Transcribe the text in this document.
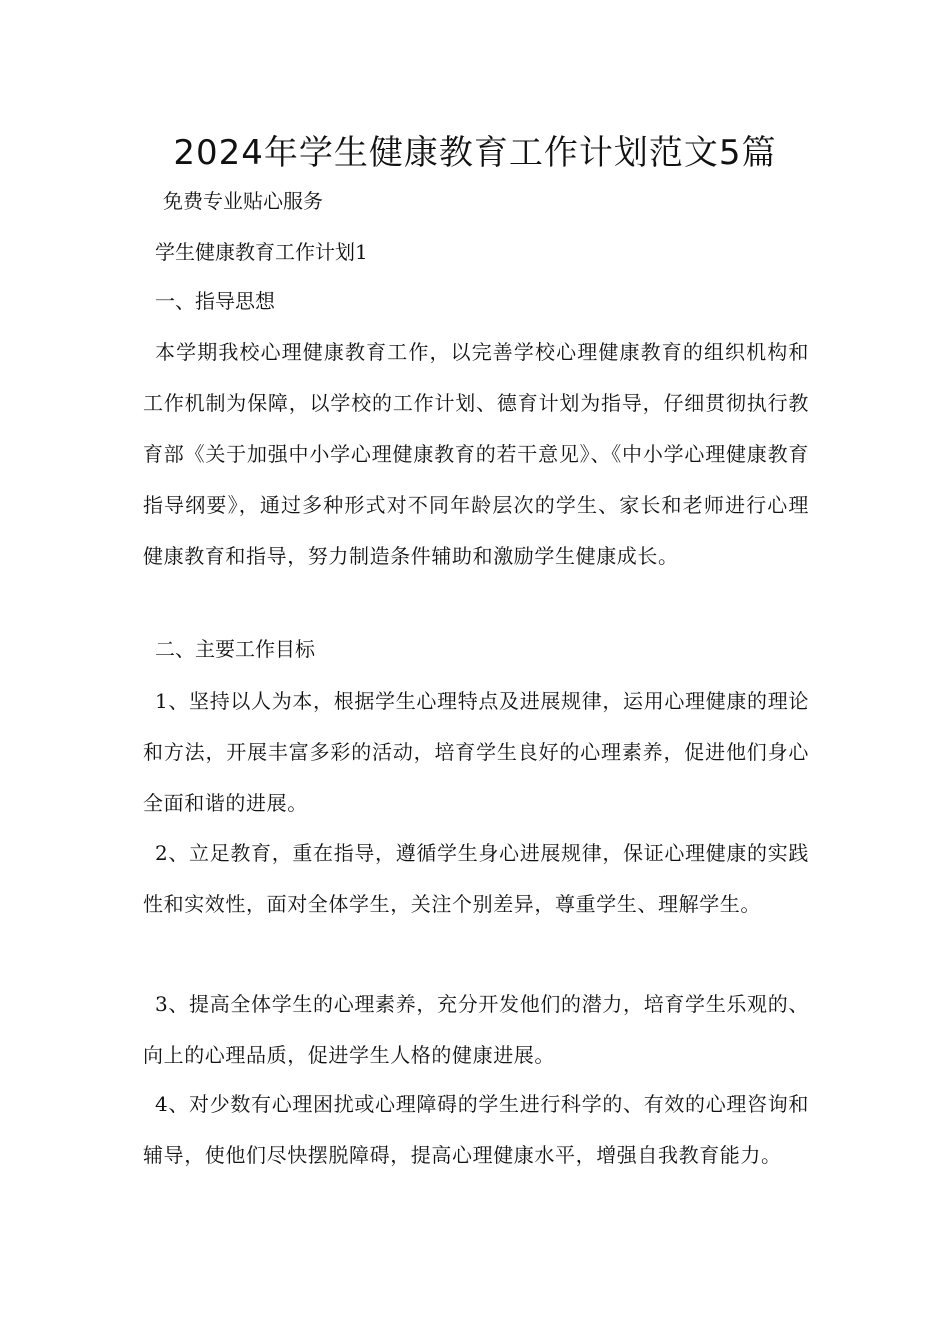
2024年学生健康教育工作计划范文5篇

免费专业贴心服务

学生健康教育工作计划1

一、指导思想

本学期我校心理健康教育工作，以完善学校心理健康教育的组织机构和工作机制为保障，以学校的工作计划、德育计划为指导，仔细贯彻执行教育部《关于加强中小学心理健康教育的若干意见》、《中小学心理健康教育指导纲要》，通过多种形式对不同年龄层次的学生、家长和老师进行心理健康教育和指导，努力制造条件辅助和激励学生健康成长。

二、主要工作目标

1、坚持以人为本，根据学生心理特点及进展规律，运用心理健康的理论和方法，开展丰富多彩的活动，培育学生良好的心理素养，促进他们身心全面和谐的进展。

2、立足教育，重在指导，遵循学生身心进展规律，保证心理健康的实践性和实效性，面对全体学生，关注个别差异，尊重学生、理解学生。

3、提高全体学生的心理素养，充分开发他们的潜力，培育学生乐观的、向上的心理品质，促进学生人格的健康进展。

4、对少数有心理困扰或心理障碍的学生进行科学的、有效的心理咨询和辅导，使他们尽快摆脱障碍，提高心理健康水平，增强自我教育能力。
